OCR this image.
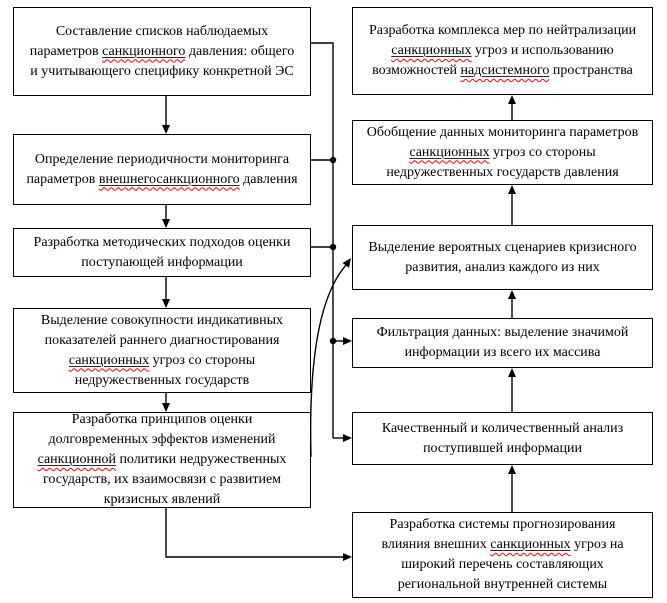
Составление списков наблюдаемых параметров санкционного давления: общего и учитывающего специфику конкретной ЭС
Определение периодичности мониторинга параметров внешнегосанкционного давления
Разработка методических подходов оценки поступающей информации
Выделение совокупности индикативных показателей раннего диагностирования санкционных угроз со стороны недружественных государств
Разработка принципов оценки долговременных эффектов изменений санкционной политики недружественных государств, их взаимосвязи с развитием кризисных явлений
Разработка комплекса мер по нейтрализации санкционных угроз и использованию возможностей надсистемного пространства
Обобщение данных мониторинга параметров санкционных угроз со стороны недружественных государств давления
Выделение вероятных сценариев кризисного развития, анализ каждого из них
Фильтрация данных: выделение значимой информации из всего их массива
Качественный и количественный анализ поступившей информации
Разработка системы прогнозирования влияния внешних санкционных угроз на широкий перечень составляющих региональной внутренней системы
